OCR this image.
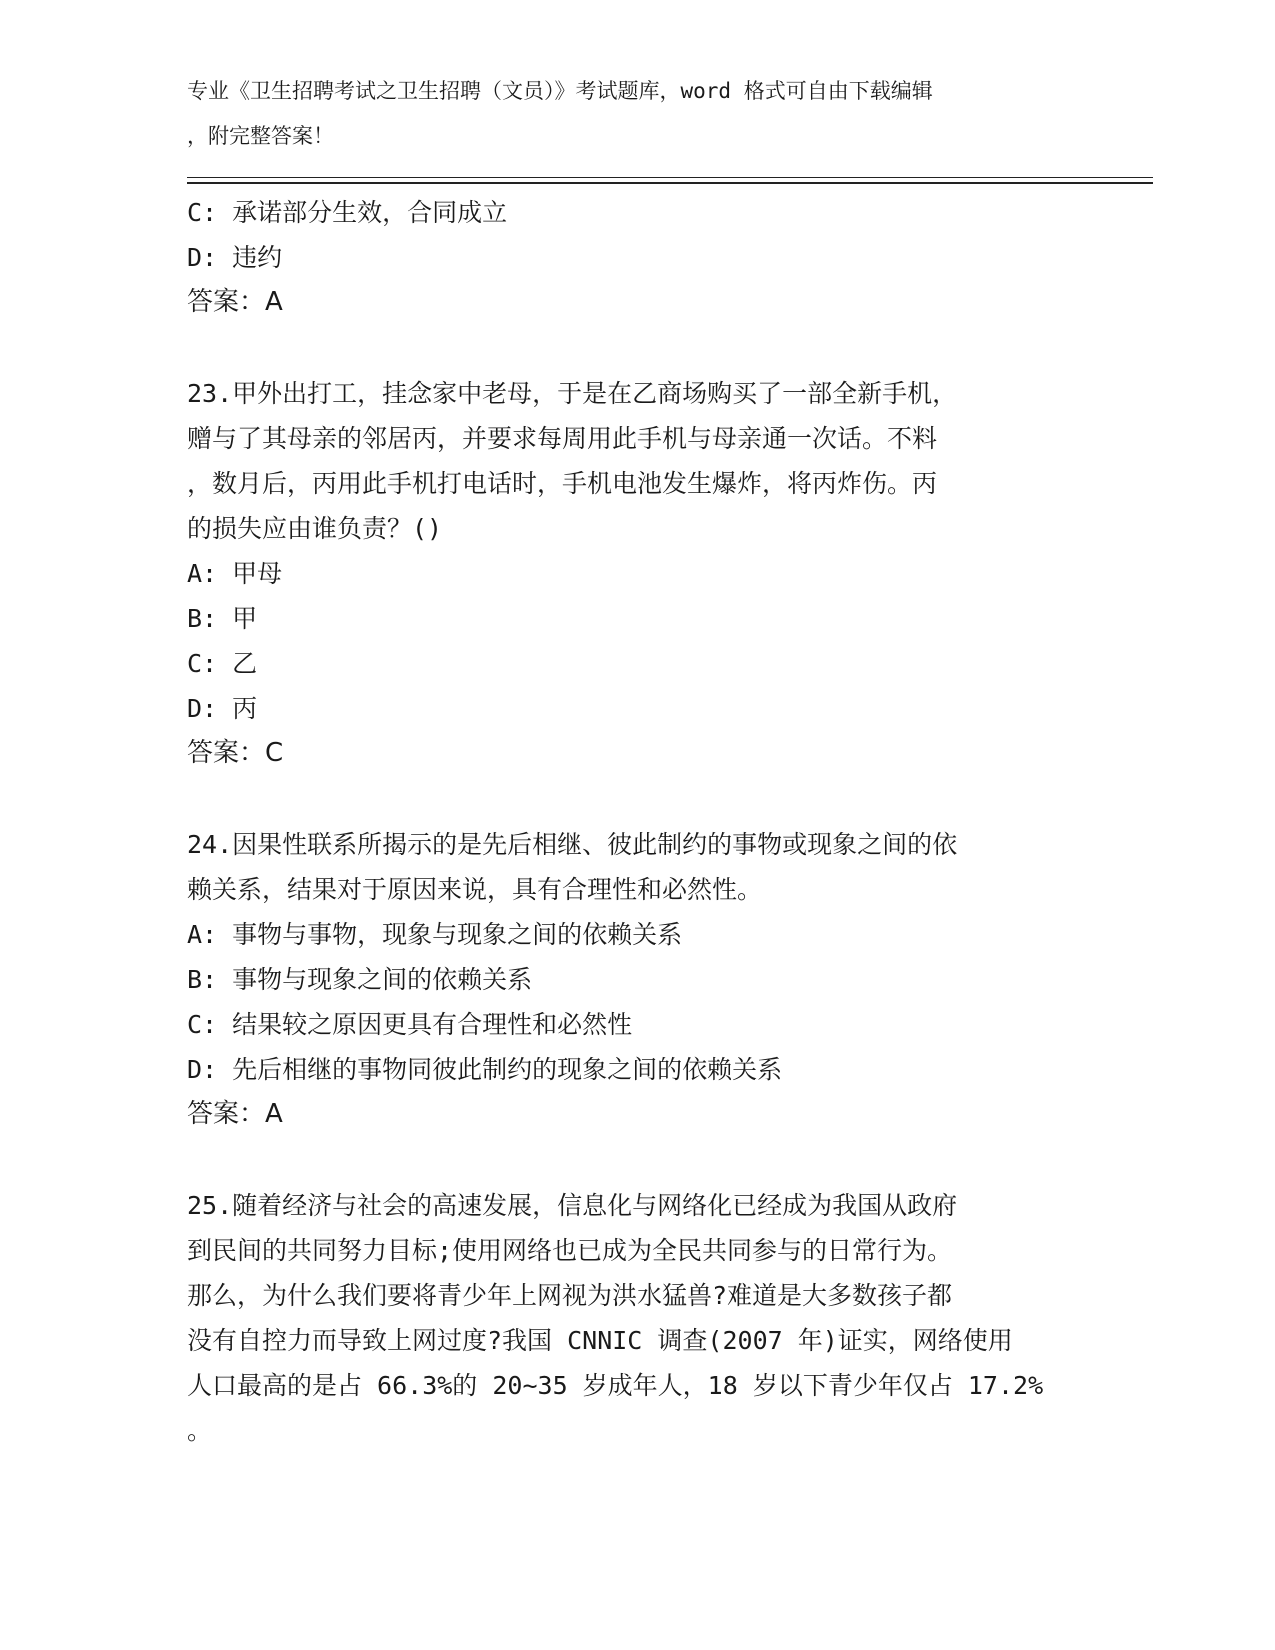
专业《卫生招聘考试之卫生招聘（文员）》考试题库，word 格式可自由下载编辑
，附完整答案！
C: 承诺部分生效，合同成立
D: 违约
答案：A
23.甲外出打工，挂念家中老母，于是在乙商场购买了一部全新手机，
赠与了其母亲的邻居丙，并要求每周用此手机与母亲通一次话。不料
，数月后，丙用此手机打电话时，手机电池发生爆炸，将丙炸伤。丙
的损失应由谁负责？()
A: 甲母
B: 甲
C: 乙
D: 丙
答案：C
24.因果性联系所揭示的是先后相继、彼此制约的事物或现象之间的依
赖关系，结果对于原因来说，具有合理性和必然性。
A: 事物与事物，现象与现象之间的依赖关系
B: 事物与现象之间的依赖关系
C: 结果较之原因更具有合理性和必然性
D: 先后相继的事物同彼此制约的现象之间的依赖关系
答案：A
25.随着经济与社会的高速发展，信息化与网络化已经成为我国从政府
到民间的共同努力目标;使用网络也已成为全民共同参与的日常行为。
那么，为什么我们要将青少年上网视为洪水猛兽?难道是大多数孩子都
没有自控力而导致上网过度?我国 CNNIC 调查(2007 年)证实，网络使用
人口最高的是占 66.3%的 20~35 岁成年人，18 岁以下青少年仅占 17.2%
。
